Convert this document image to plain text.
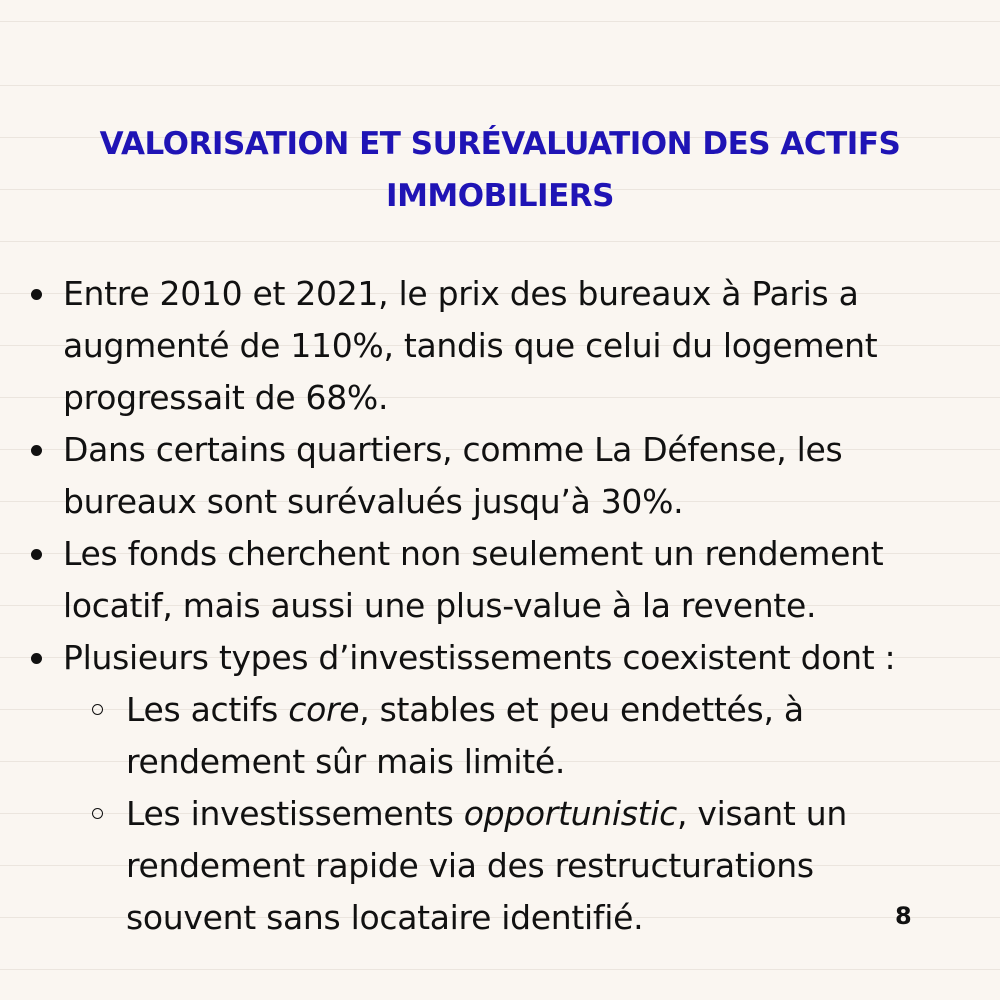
VALORISATION ET SURÉVALUATION DES ACTIFS
IMMOBILIERS
Entre 2010 et 2021, le prix des bureaux à Paris a augmenté de 110%, tandis que celui du logement progressait de 68%.
Dans certains quartiers, comme La Défense, les bureaux sont surévalués jusqu’à 30%.
Les fonds cherchent non seulement un rendement locatif, mais aussi une plus-value à la revente.
Plusieurs types d’investissements coexistent dont :
Les actifs core, stables et peu endettés, à rendement sûr mais limité.
Les investissements opportunistic, visant un rendement rapide via des restructurations souvent sans locataire identifié.	8
